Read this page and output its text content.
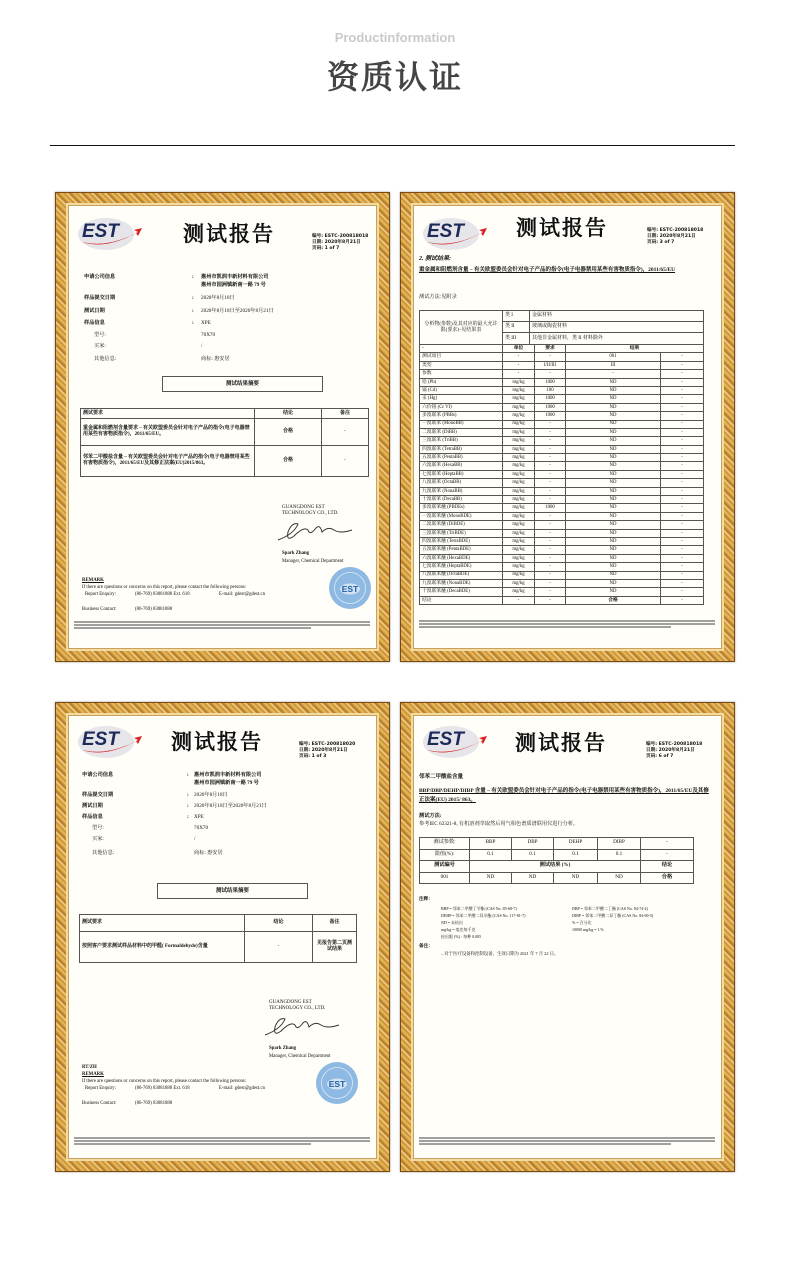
Productinformation
资质认证
EST	测试报告	编号: ESTC-200818018
日期: 2020年8月21日
页码: 1 of 7
测试结果摘要
测试要求	结论	备注
重金属和阻燃剂含量要求 – 有关欧盟委员会针对电子产品的指令(电子电器禁用某些有害物质指令)，2011/65/EU。	合格	-
邻苯二甲酸盐含量 – 有关欧盟委员会针对电子产品的指令(电子电器禁用某些有害物质指令)，2011/65/EU及其修正法案(EU)2015/863。	合格	-
申请公司信息	: 惠州市凯润丰新材料有限公司
惠州市园洲镇新南一路 79 号
样品提交日期	: 2020年8月18日
测试日期	: 2020年8月18日至2020年8月21日
样品信息	: XPE
型号:	70X70
买家:	/
其他信息:	商标: 惠安居
GUANGDONG EST
TECHNOLOGY CO., LTD.
Spark Zhang
Manager, Chemical Department
EST
REMARK
If there are questions or concerns on this report, please contact the following persons:
Report Enquiry:	(86-769) 83081888 Ext. 618	E-mail: gdest@gdest.cn
Business Contact:	(86-769) 83081888
EST	测试报告	编号: ESTC-200818018
日期: 2020年8月21日
页码: 3 of 7
2. 测试结果:
重金属和阻燃剂含量 – 有关欧盟委员会针对电子产品的指令(电子电器禁用某些有害物质指令)，2011/65/EU
测试方法:见附录
分析物(参数)及其对应的最大允许限(要求)–见结果表	类 I	金属材料
	类 II	玻璃或陶瓷材料
	类 III	其他非金属材料，类 II 材料除外
-	单位	要求	结果	
测试项目	-	-	001	-
类型	-	I/II/III	III	-
参数	-	-	-	-
铅 (Pb)	mg/kg	1000	ND	-
镉 (Cd)	mg/kg	100	ND	-
汞 (Hg)	mg/kg	1000	ND	-
六价铬 (Cr VI)	mg/kg	1000	ND	-
多溴联苯 (PBBs)	mg/kg	1000	ND	-
一溴联苯 (MonoBB)	mg/kg	-	ND	-
二溴联苯 (DiBB)	mg/kg	-	ND	-
三溴联苯 (TriBB)	mg/kg	-	ND	-
四溴联苯 (TetraBB)	mg/kg	-	ND	-
五溴联苯 (PentaBB)	mg/kg	-	ND	-
六溴联苯 (HexaBB)	mg/kg	-	ND	-
七溴联苯 (HeptaBB)	mg/kg	-	ND	-
八溴联苯 (OctaBB)	mg/kg	-	ND	-
九溴联苯 (NonaBB)	mg/kg	-	ND	-
十溴联苯 (DecaBB)	mg/kg	-	ND	-
多溴联苯醚 (PBDEs)	mg/kg	1000	ND	-
一溴联苯醚 (MonoBDE)	mg/kg	-	ND	-
二溴联苯醚 (DiBDE)	mg/kg	-	ND	-
三溴联苯醚 (TriBDE)	mg/kg	-	ND	-
四溴联苯醚 (TetraBDE)	mg/kg	-	ND	-
五溴联苯醚 (PentaBDE)	mg/kg	-	ND	-
六溴联苯醚 (HexaBDE)	mg/kg	-	ND	-
七溴联苯醚 (HeptaBDE)	mg/kg	-	ND	-
八溴联苯醚 (OctaBDE)	mg/kg	-	ND	-
九溴联苯醚 (NonaBDE)	mg/kg	-	ND	-
十溴联苯醚 (DecaBDE)	mg/kg	-	ND	-
结论	-	-	合格	-
EST	测试报告	编号: ESTC-200818020
日期: 2020年8月21日
页码: 1 of 3
测试结果摘要
测试要求	结论	备注
按照客户要求测试样品材料中的甲醛( Formaldehyde)含量	-	见报告第二页测试结果
RT/ZH
申请公司信息	: 惠州市凯润丰新材料有限公司
惠州市园洲镇新南一路 79 号
样品提交日期	: 2020年8月18日
测试日期	: 2020年8月18日至2020年8月21日
样品信息	: XPE
型号:	70X70
买家:	/
其他信息:	商标: 惠安居
GUANGDONG EST
TECHNOLOGY CO., LTD.
Spark Zhang
Manager, Chemical Department
EST
REMARK
If there are questions or concerns on this report, please contact the following persons:
Report Enquiry:	(86-769) 83081888 Ext. 618	E-mail: gdest@gdest.cn
Business Contact:	(86-769) 83081888
EST	测试报告	编号: ESTC-200818018
日期: 2020年8月21日
页码: 6 of 7
邻苯二甲酸盐含量
BBP/DBP/DEHP/DIBP 含量 – 有关欧盟委员会针对电子产品的指令(电子电器禁用某些有害物质指令)，2011/65/EU及其修正法案(EU) 2015/ 863。
测试方法:
参考IEC 62321-8, 有机溶剂萃取然后用气相色谱质谱联用仪进行分析。
测试参数:	BBP	DBP	DEHP	DIBP	-
限值(%):	0.1	0.1	0.1	0.1	-
测试编号	测试结果 (%)				结论
001	ND	ND	ND	ND	合格
注释：
BBP = 邻苯二甲酸丁苄酯 (CAS No. 85-68-7)
DEHP = 邻苯二甲酸二异辛酯 (CAS No. 117-81-7)
ND = 未检出
mg/kg = 毫克每千克
检出限 (%) : 每种 0.005
DBP = 邻苯二甲酸二丁酯 (CAS No. 84-74-2)
DIBP = 邻苯二甲酸二异丁酯 (CAS No. 84-69-5)
% = 百分比
10000 mg/kg = 1 %
备注：
– 对于医疗设备和控制设备，生效日期为 2021 年 7 月 22 日。
